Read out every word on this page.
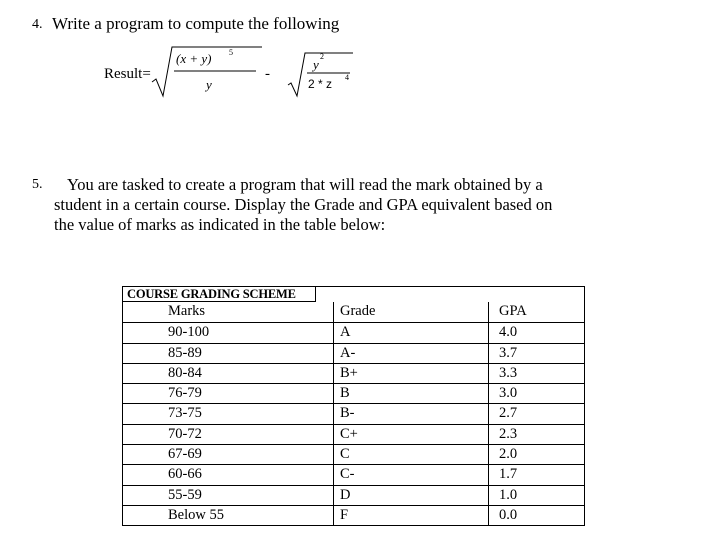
4. Write a program to compute the following
Result=
(x + y) 5
y
-
y
2
2 * z 4
5. You are tasked to create a program that will read the mark obtained by a
student in a certain course. Display the Grade and GPA equivalent based on
the value of marks as indicated in the table below:
COURSE GRADING SCHEME
Marks	Grade	GPA
90-100	A	4.0
85-89	A-	3.7
80-84	B+	3.3
76-79	B	3.0
73-75	B-	2.7
70-72	C+	2.3
67-69	C	2.0
60-66	C-	1.7
55-59	D	1.0
Below 55	F	0.0
